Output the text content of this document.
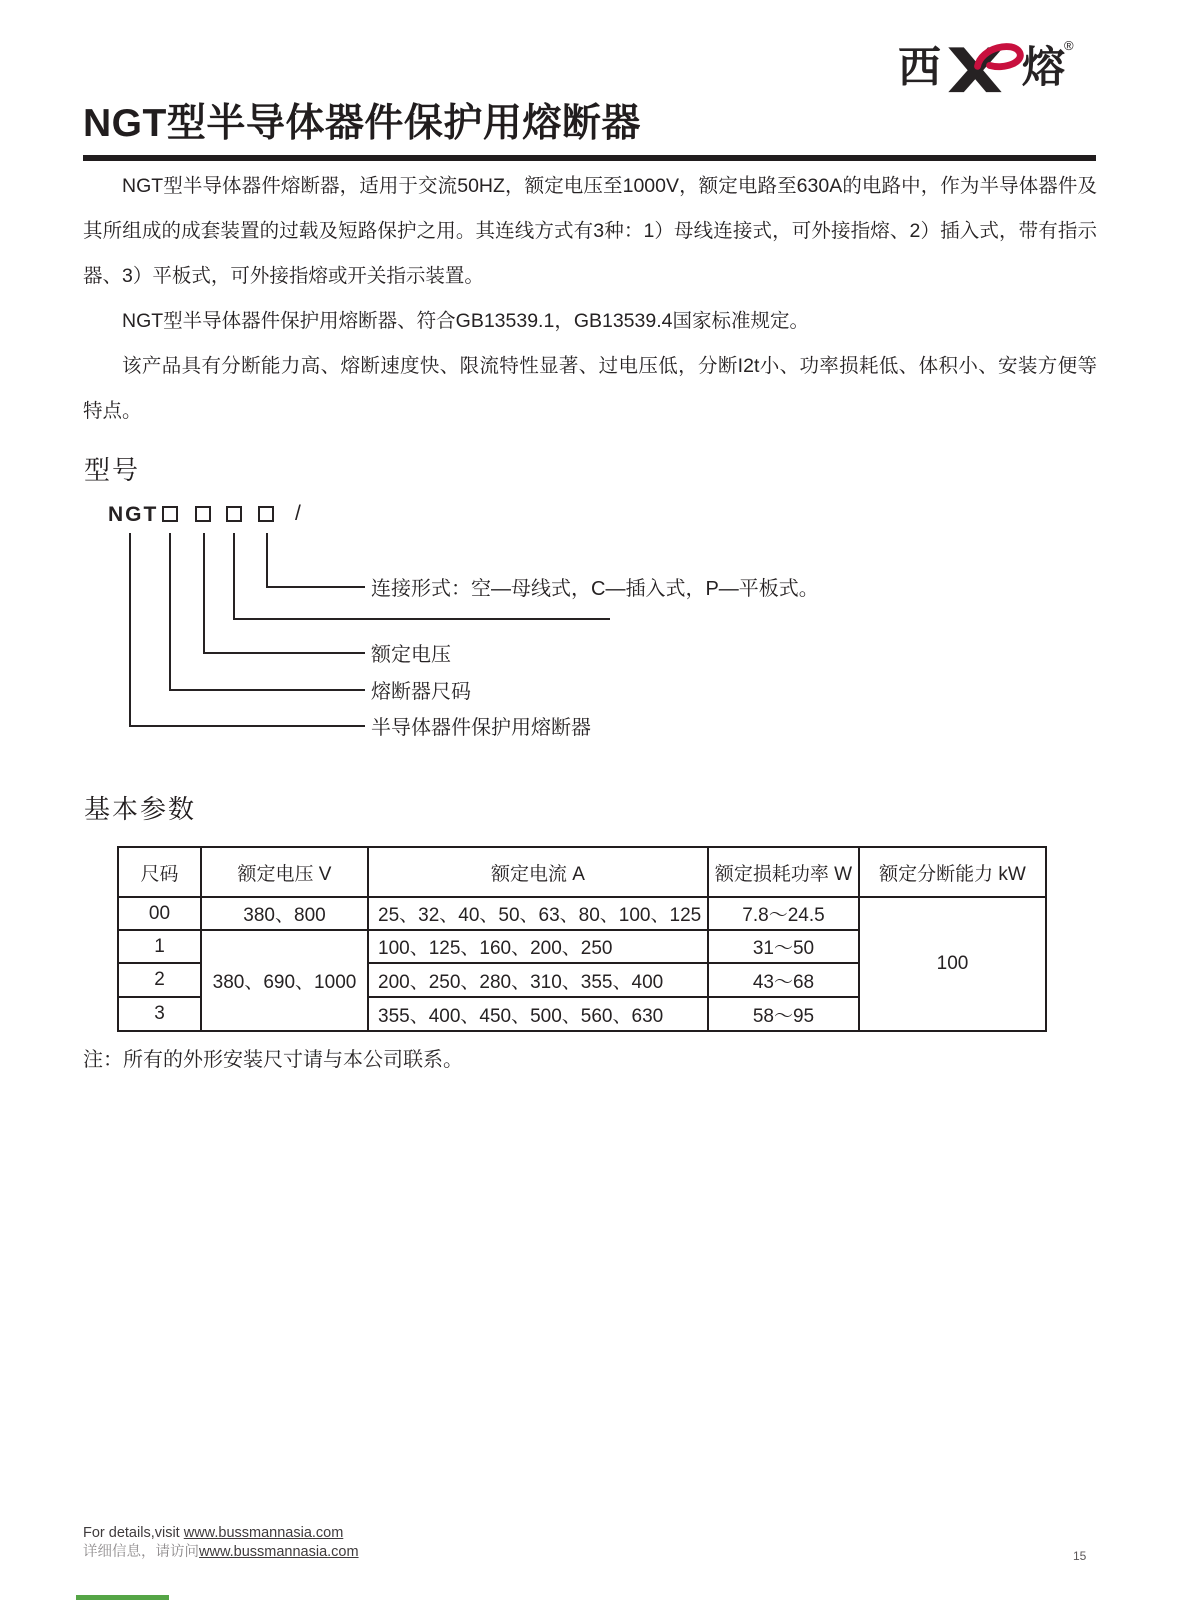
西 熔 ®
NGT型半导体器件保护用熔断器

NGT型半导体器件熔断器，适用于交流50HZ，额定电压至1000V，额定电路至630A的电路中，作为半导体器件及其所组成的成套装置的过载及短路保护之用。其连线方式有3种：1）母线连接式，可外接指熔、2）插入式，带有指示器、3）平板式，可外接指熔或开关指示装置。

NGT型半导体器件保护用熔断器、符合GB13539.1，GB13539.4国家标准规定。

该产品具有分断能力高、熔断速度快、限流特性显著、过电压低，分断I2t小、功率损耗低、体积小、安装方便等特点。

型号
NGT	/
连接形式：空—母线式，C—插入式，P—平板式。
额定电压
熔断器尺码
半导体器件保护用熔断器
基本参数
尺码	额定电压 V	额定电流 A	额定损耗功率 W	额定分断能力 kW
00	380、800	25、32、40、50、63、80、100、125	7.8～24.5	100
1	380、690、1000	100、125、160、200、250	31～50	
2		200、250、280、310、355、400	43～68	
3		355、400、450、500、560、630	58～95	
注：所有的外形安装尺寸请与本公司联系。
For details,visit www.bussmannasia.com
详细信息，请访问www.bussmannasia.com	15
